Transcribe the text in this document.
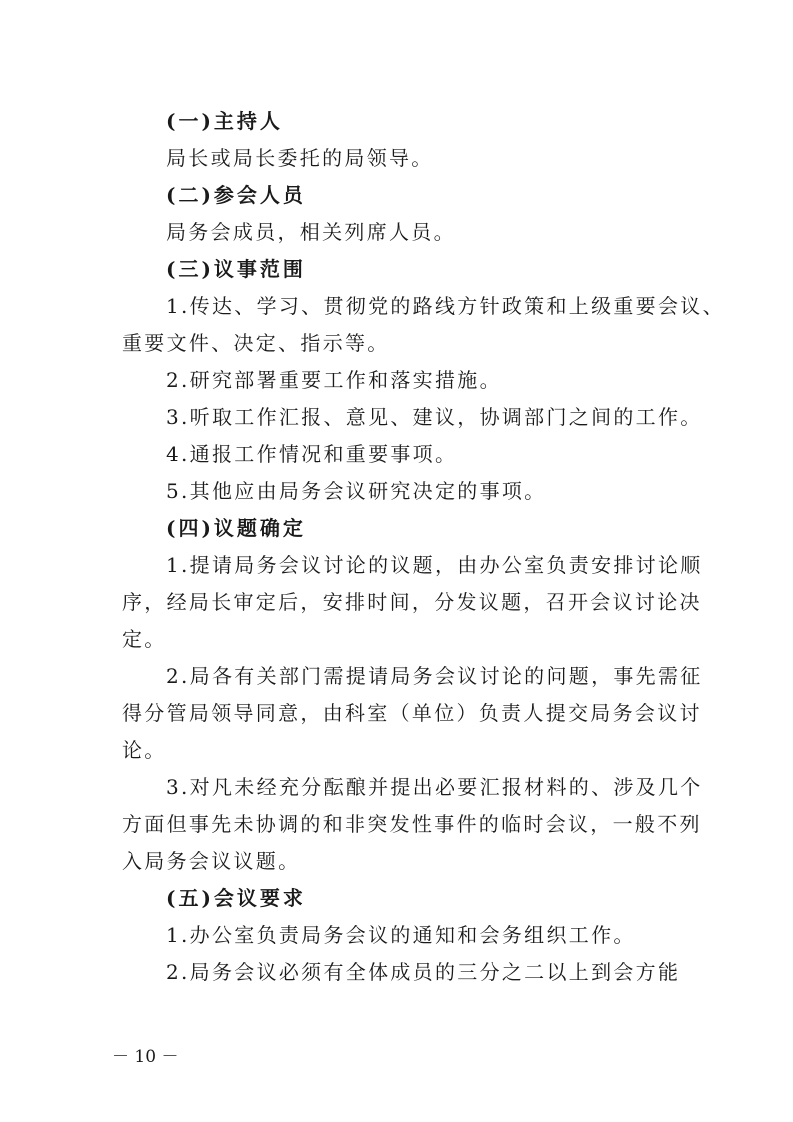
(一)主持人
局长或局长委托的局领导。
(二)参会人员
局务会成员，相关列席人员。
(三)议事范围
1.传达、学习、贯彻党的路线方针政策和上级重要会议、
重要文件、决定、指示等。
2.研究部署重要工作和落实措施。
3.听取工作汇报、意见、建议，协调部门之间的工作。
4.通报工作情况和重要事项。
5.其他应由局务会议研究决定的事项。
(四)议题确定
1.提请局务会议讨论的议题，由办公室负责安排讨论顺
序，经局长审定后，安排时间，分发议题，召开会议讨论决
定。
2.局各有关部门需提请局务会议讨论的问题，事先需征
得分管局领导同意，由科室（单位）负责人提交局务会议讨
论。
3.对凡未经充分酝酿并提出必要汇报材料的、涉及几个
方面但事先未协调的和非突发性事件的临时会议，一般不列
入局务会议议题。
(五)会议要求
1.办公室负责局务会议的通知和会务组织工作。
2.局务会议必须有全体成员的三分之二以上到会方能
－ 10 －
